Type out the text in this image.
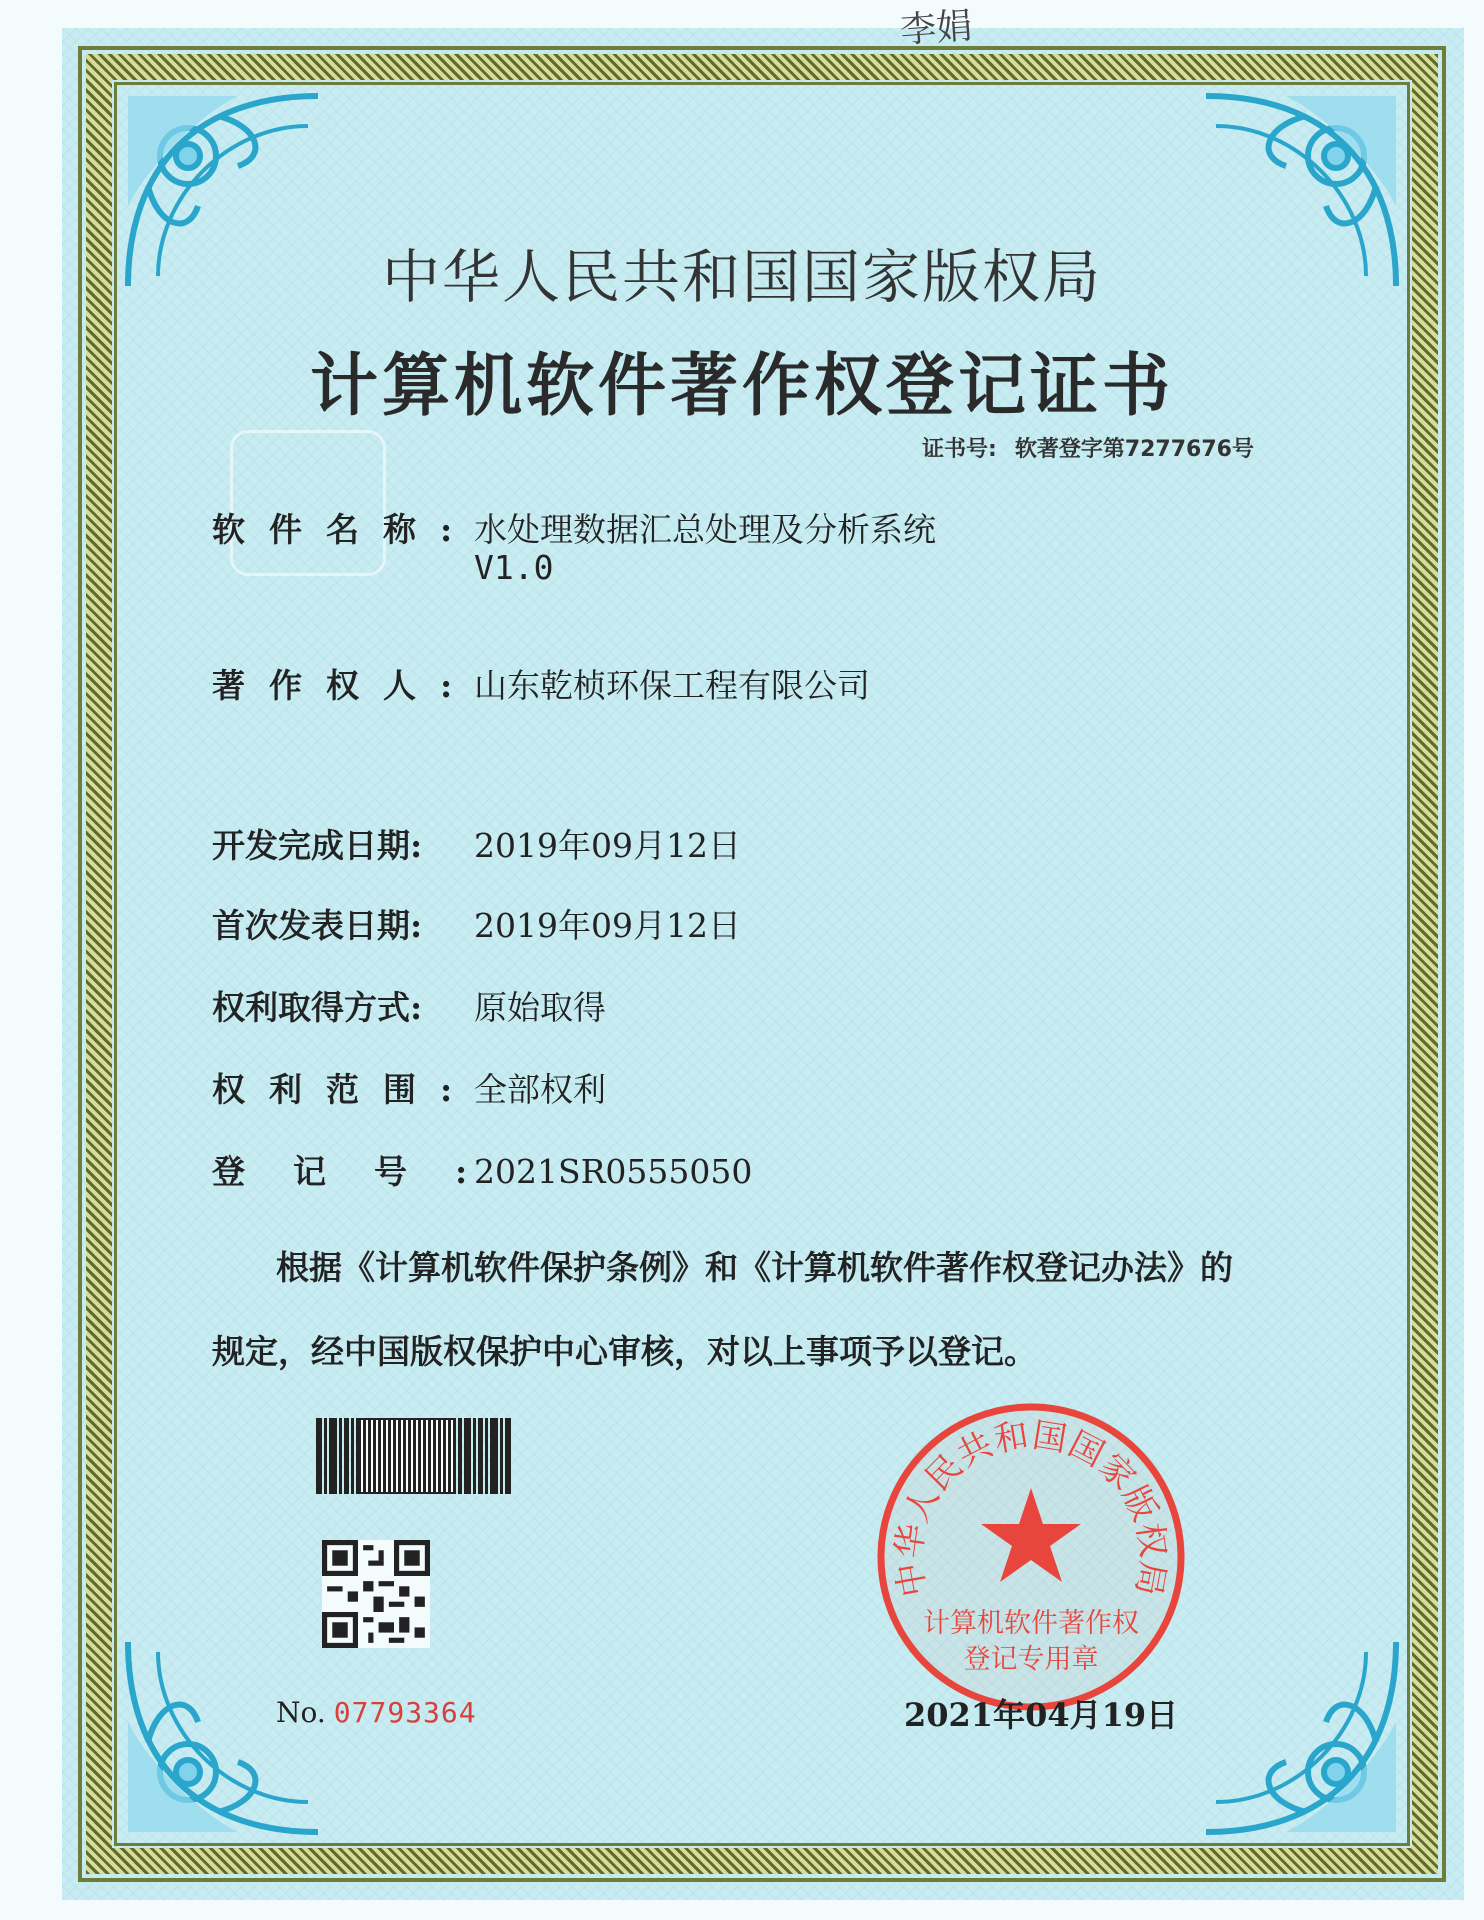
李娟
中华人民共和国国家版权局
计算机软件著作权登记证书
证书号: 软著登字第7277676号
软件名称:水处理数据汇总处理及分析系统
V1.0
著作权人:山东乾桢环保工程有限公司
开发完成日期: 2019年09月12日
首次发表日期: 2019年09月12日
权利取得方式: 原始取得
权利范围:全部权利
登记号:2021SR0555050
根据《计算机软件保护条例》和《计算机软件著作权登记办法》的
规定，经中国版权保护中心审核，对以上事项予以登记。
No. 07793364
中华人民共和国国家版权局
计算机软件著作权
登记专用章
2021年04月19日
